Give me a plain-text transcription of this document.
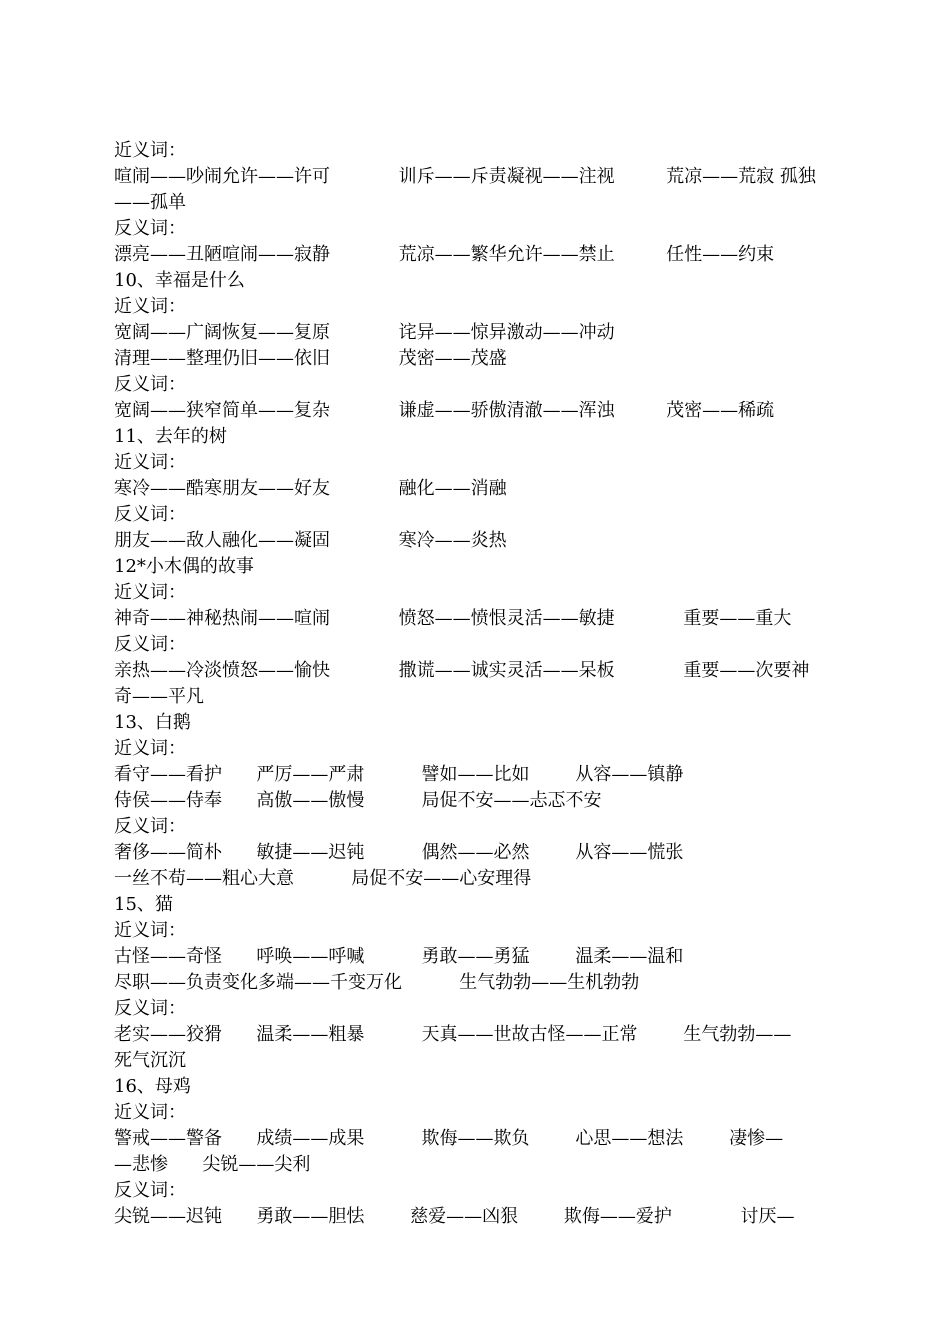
近义词：
喧闹——吵闹允许——许可            训斥——斥责凝视——注视         荒凉——荒寂 孤独
——孤单
反义词：
漂亮——丑陋喧闹——寂静            荒凉——繁华允许——禁止         任性——约束
10、幸福是什么
近义词：
宽阔——广阔恢复——复原            诧异——惊异激动——冲动
清理——整理仍旧——依旧            茂密——茂盛
反义词：
宽阔——狭窄简单——复杂            谦虚——骄傲清澈——浑浊         茂密——稀疏
11、去年的树
近义词：
寒冷——酷寒朋友——好友            融化——消融
反义词：
朋友——敌人融化——凝固            寒冷——炎热
12*小木偶的故事
近义词：
神奇——神秘热闹——喧闹            愤怒——愤恨灵活——敏捷            重要——重大
反义词：
亲热——冷淡愤怒——愉快            撒谎——诚实灵活——呆板            重要——次要神
奇——平凡
13、白鹅
近义词：
看守——看护      严厉——严肃          譬如——比如        从容——镇静
侍侯——侍奉      高傲——傲慢          局促不安——忐忑不安
反义词：
奢侈——简朴      敏捷——迟钝          偶然——必然        从容——慌张
一丝不苟——粗心大意          局促不安——心安理得
15、猫
近义词：
古怪——奇怪      呼唤——呼喊          勇敢——勇猛        温柔——温和
尽职——负责变化多端——千变万化          生气勃勃——生机勃勃
反义词：
老实——狡猾      温柔——粗暴          天真——世故古怪——正常        生气勃勃——
死气沉沉
16、母鸡
近义词：
警戒——警备      成绩——成果          欺侮——欺负        心思——想法        凄惨—
—悲惨      尖锐——尖利
反义词：
尖锐——迟钝      勇敢——胆怯        慈爱——凶狠        欺侮——爱护            讨厌—
